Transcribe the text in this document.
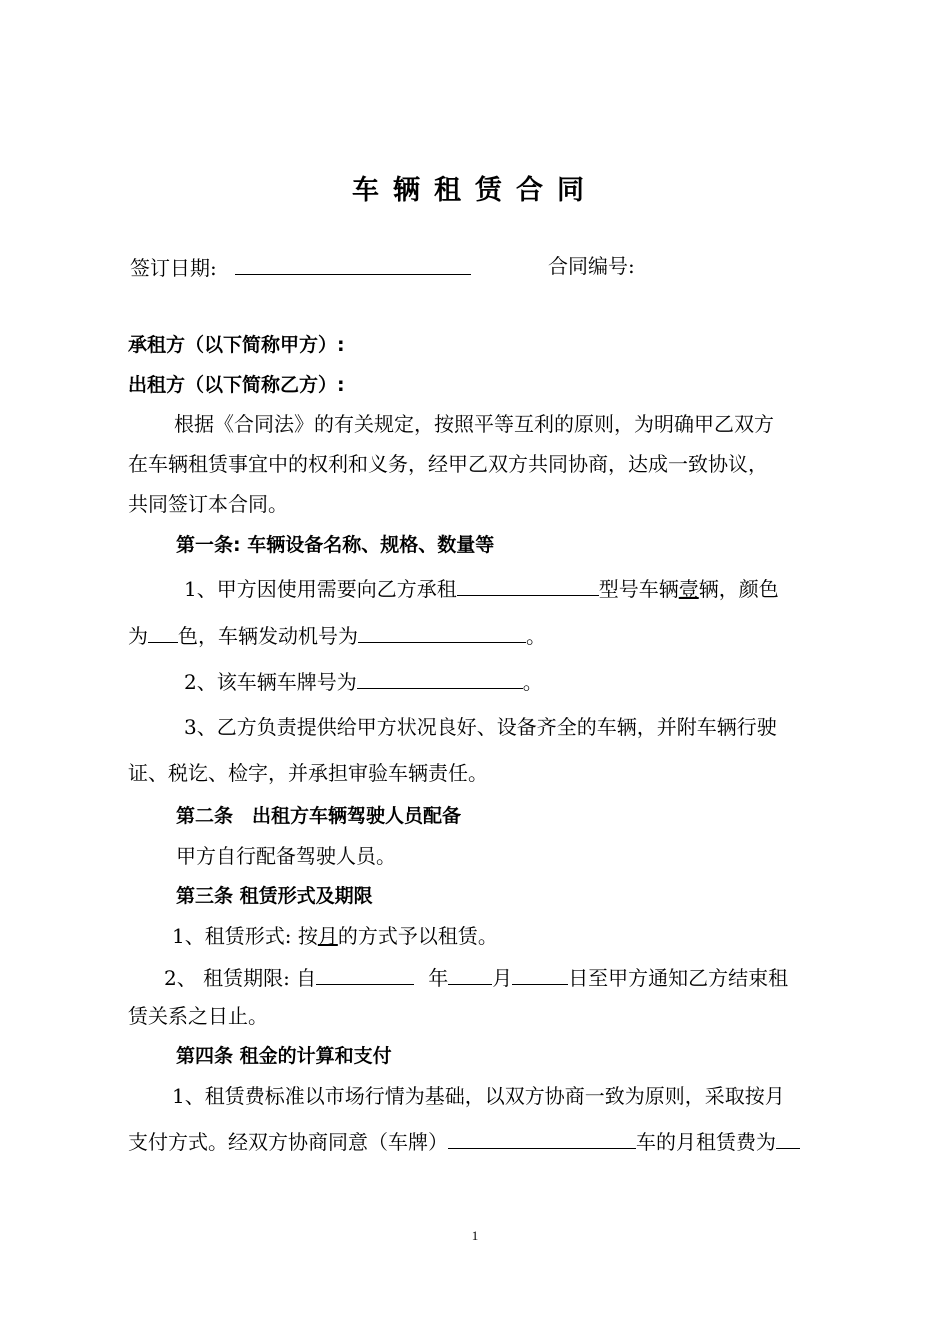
车辆租赁合同
签订日期:	合同编号:
承租方（以下简称甲方）:
出租方（以下简称乙方）:
根据《合同法》的有关规定，按照平等互利的原则，为明确甲乙双方
在车辆租赁事宜中的权利和义务，经甲乙双方共同协商，达成一致协议，
共同签订本合同。
第一条: 车辆设备名称、规格、数量等
1、甲方因使用需要向乙方承租	型号车辆壹辆，颜色
为 色，车辆发动机号为	。
2、该车辆车牌号为	。
3、乙方负责提供给甲方状况良好、设备齐全的车辆，并附车辆行驶
证、税讫、检字，并承担审验车辆责任。
第二条　出租方车辆驾驶人员配备
甲方自行配备驾驶人员。
第三条 租赁形式及期限
1、租赁形式: 按月的方式予以租赁。
2、 租赁期限: 自	年 月	日至甲方通知乙方结束租
赁关系之日止。
第四条 租金的计算和支付
1、租赁费标准以市场行情为基础，以双方协商一致为原则，采取按月
支付方式。经双方协商同意（车牌）	车的月租赁费为
1
